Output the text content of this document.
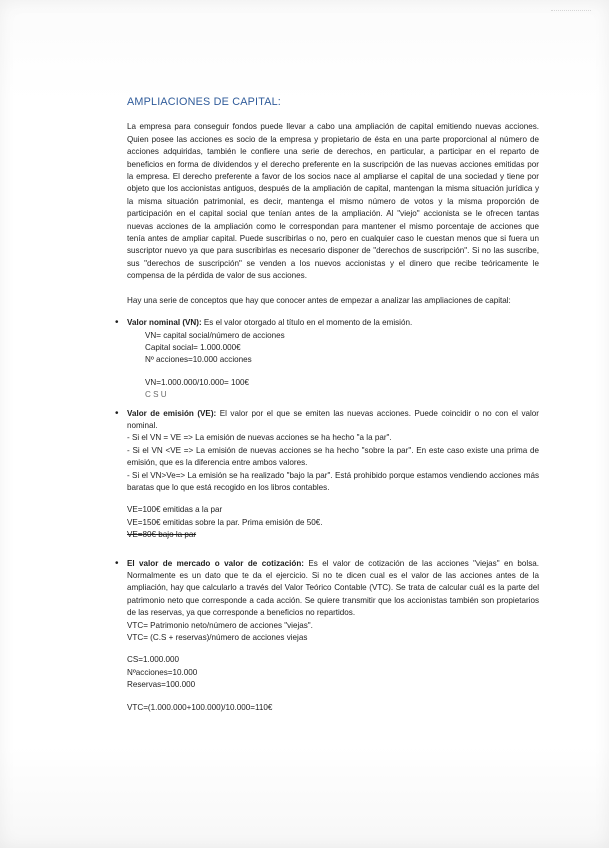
AMPLIACIONES DE CAPITAL:

La empresa para conseguir fondos puede llevar a cabo una ampliación de capital emitiendo nuevas acciones. Quien posee las acciones es socio de la empresa y propietario de ésta en una parte proporcional al número de acciones adquiridas, también le confiere una serie de derechos, en particular, a participar en el reparto de beneficios en forma de dividendos y el derecho preferente en la suscripción de las nuevas acciones emitidas por la empresa. El derecho preferente a favor de los socios nace al ampliarse el capital de una sociedad y tiene por objeto que los accionistas antiguos, después de la ampliación de capital, mantengan la misma situación jurídica y la misma situación patrimonial, es decir, mantenga el mismo número de votos y la misma proporción de participación en el capital social que tenían antes de la ampliación. Al "viejo" accionista se le ofrecen tantas nuevas acciones de la ampliación como le correspondan para mantener el mismo porcentaje de acciones que tenía antes de ampliar capital. Puede suscribirlas o no, pero en cualquier caso le cuestan menos que si fuera un suscriptor nuevo ya que para suscribirlas es necesario disponer de "derechos de suscripción". Si no las suscribe, sus "derechos de suscripción" se venden a los nuevos accionistas y el dinero que recibe teóricamente le compensa de la pérdida de valor de sus acciones.

Hay una serie de conceptos que hay que conocer antes de empezar a analizar las ampliaciones de capital:

• Valor nominal (VN): Es el valor otorgado al título en el momento de la emisión.

VN= capital social/número de acciones
Capital social= 1.000.000€
Nº acciones=10.000 acciones
VN=1.000.000/10.000= 100€
C S U
• Valor de emisión (VE): El valor por el que se emiten las nuevas acciones. Puede coincidir o no con el valor nominal.

- Si el VN = VE => La emisión de nuevas acciones se ha hecho "a la par".

- Si el VN <VE => La emisión de nuevas acciones se ha hecho "sobre la par". En este caso existe una prima de emisión, que es la diferencia entre ambos valores.

- Si el VN>Ve=> La emisión se ha realizado "bajo la par". Está prohibido porque estamos vendiendo acciones más baratas que lo que está recogido en los libros contables.

VE=100€ emitidas a la par
VE=150€ emitidas sobre la par. Prima emisión de 50€.
VE=80€ bajo la par
• El valor de mercado o valor de cotización: Es el valor de cotización de las acciones "viejas" en bolsa. Normalmente es un dato que te da el ejercicio. Si no te dicen cual es el valor de las acciones antes de la ampliación, hay que calcularlo a través del Valor Teórico Contable (VTC). Se trata de calcular cuál es la parte del patrimonio neto que corresponde a cada acción. Se quiere transmitir que los accionistas también son propietarios de las reservas, ya que corresponde a beneficios no repartidos.

VTC= Patrimonio neto/número de acciones "viejas".
VTC= (C.S + reservas)/número de acciones viejas
CS=1.000.000
Nºacciones=10.000
Reservas=100.000
VTC=(1.000.000+100.000)/10.000=110€
